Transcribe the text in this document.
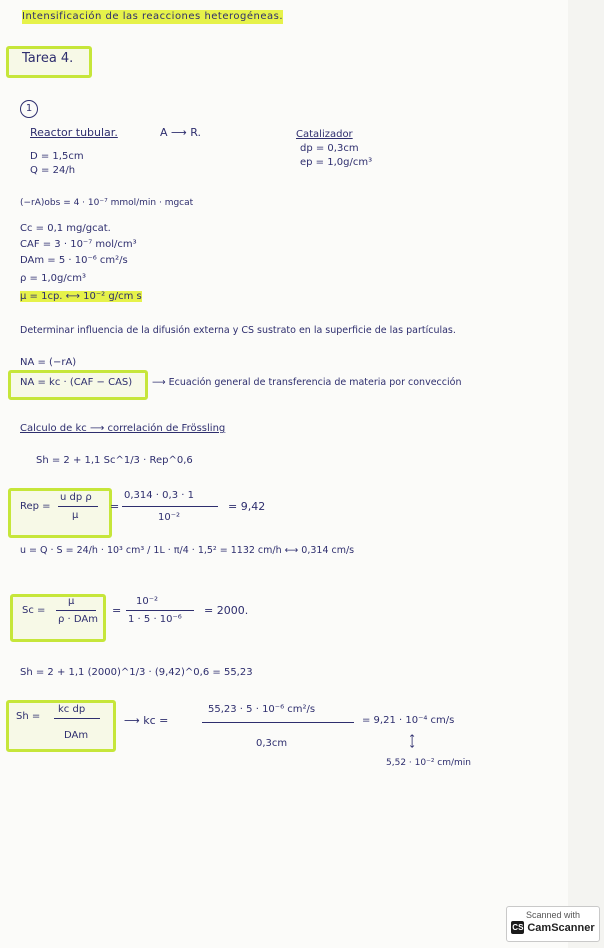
Intensificación de las reacciones heterogéneas.
Tarea 4.
1
Reactor tubular.	A ⟶ R.
D = 1,5cm
Q = 24/h
Catalizador
dp = 0,3cm
ep = 1,0g/cm³
(−rA)obs = 4 · 10⁻⁷ mmol/min · mgcat
Cc = 0,1 mg/gcat.
CAF = 3 · 10⁻⁷ mol/cm³
DAm = 5 · 10⁻⁶ cm²/s
ρ = 1,0g/cm³
μ = 1cp. ⟷ 10⁻² g/cm s
Determinar influencia de la difusión externa y CS sustrato en la superficie de las partículas.
NA = (−rA)
NA = kc · (CAF − CAS) ⟶ Ecuación general de transferencia de materia por convección
Calculo de kc ⟶ correlación de Frössling
Sh = 2 + 1,1 Sc^1/3 · Rep^0,6
Rep =
u dp ρ
μ
=
0,314 · 0,3 · 1
10⁻²
= 9,42
u = Q · S = 24/h · 10³ cm³ / 1L · π/4 · 1,5² = 1132 cm/h ⟷ 0,314 cm/s
Sc =
μ
ρ · DAm
=
10⁻²
1 · 5 · 10⁻⁶
= 2000.
Sh = 2 + 1,1 (2000)^1/3 · (9,42)^0,6 = 55,23
Sh =
kc dp
DAm
⟶ kc =
55,23 · 5 · 10⁻⁶ cm²/s
0,3cm
= 9,21 · 10⁻⁴ cm/s
⟷
5,52 · 10⁻² cm/min
Scanned with
CS CamScanner
